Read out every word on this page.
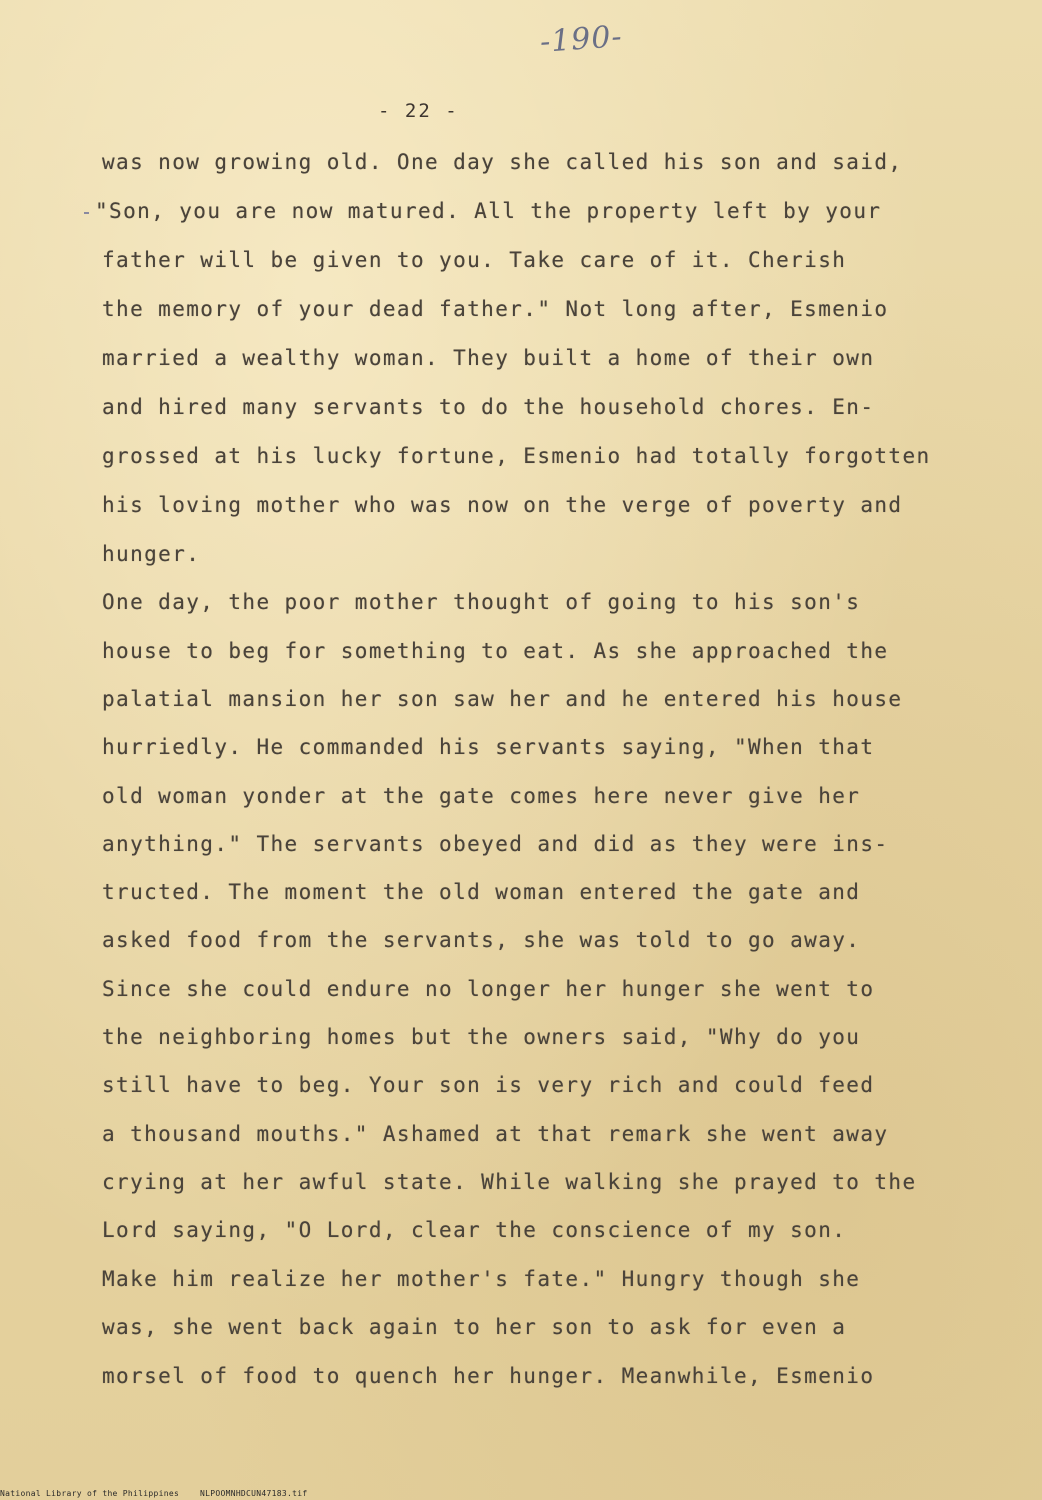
-190-
- 22 -
was now growing old. One day she called his son and said,
"Son, you are now matured. All the property left by your
father will be given to you. Take care of it. Cherish
the memory of your dead father." Not long after, Esmenio
married a wealthy woman. They built a home of their own
and hired many servants to do the household chores. En-
grossed at his lucky fortune, Esmenio had totally forgotten
his loving mother who was now on the verge of poverty and
hunger.
One day, the poor mother thought of going to his son's
house to beg for something to eat. As she approached the
palatial mansion her son saw her and he entered his house
hurriedly. He commanded his servants saying, "When that
old woman yonder at the gate comes here never give her
anything." The servants obeyed and did as they were ins-
tructed. The moment the old woman entered the gate and
asked food from the servants, she was told to go away.
Since she could endure no longer her hunger she went to
the neighboring homes but the owners said, "Why do you
still have to beg. Your son is very rich and could feed
a thousand mouths." Ashamed at that remark she went away
crying at her awful state. While walking she prayed to the
Lord saying, "O Lord, clear the conscience of my son.
Make him realize her mother's fate." Hungry though she
was, she went back again to her son to ask for even a
morsel of food to quench her hunger. Meanwhile, Esmenio
National Library of the Philippines	NLPOOMNHDCUN47183.tif
